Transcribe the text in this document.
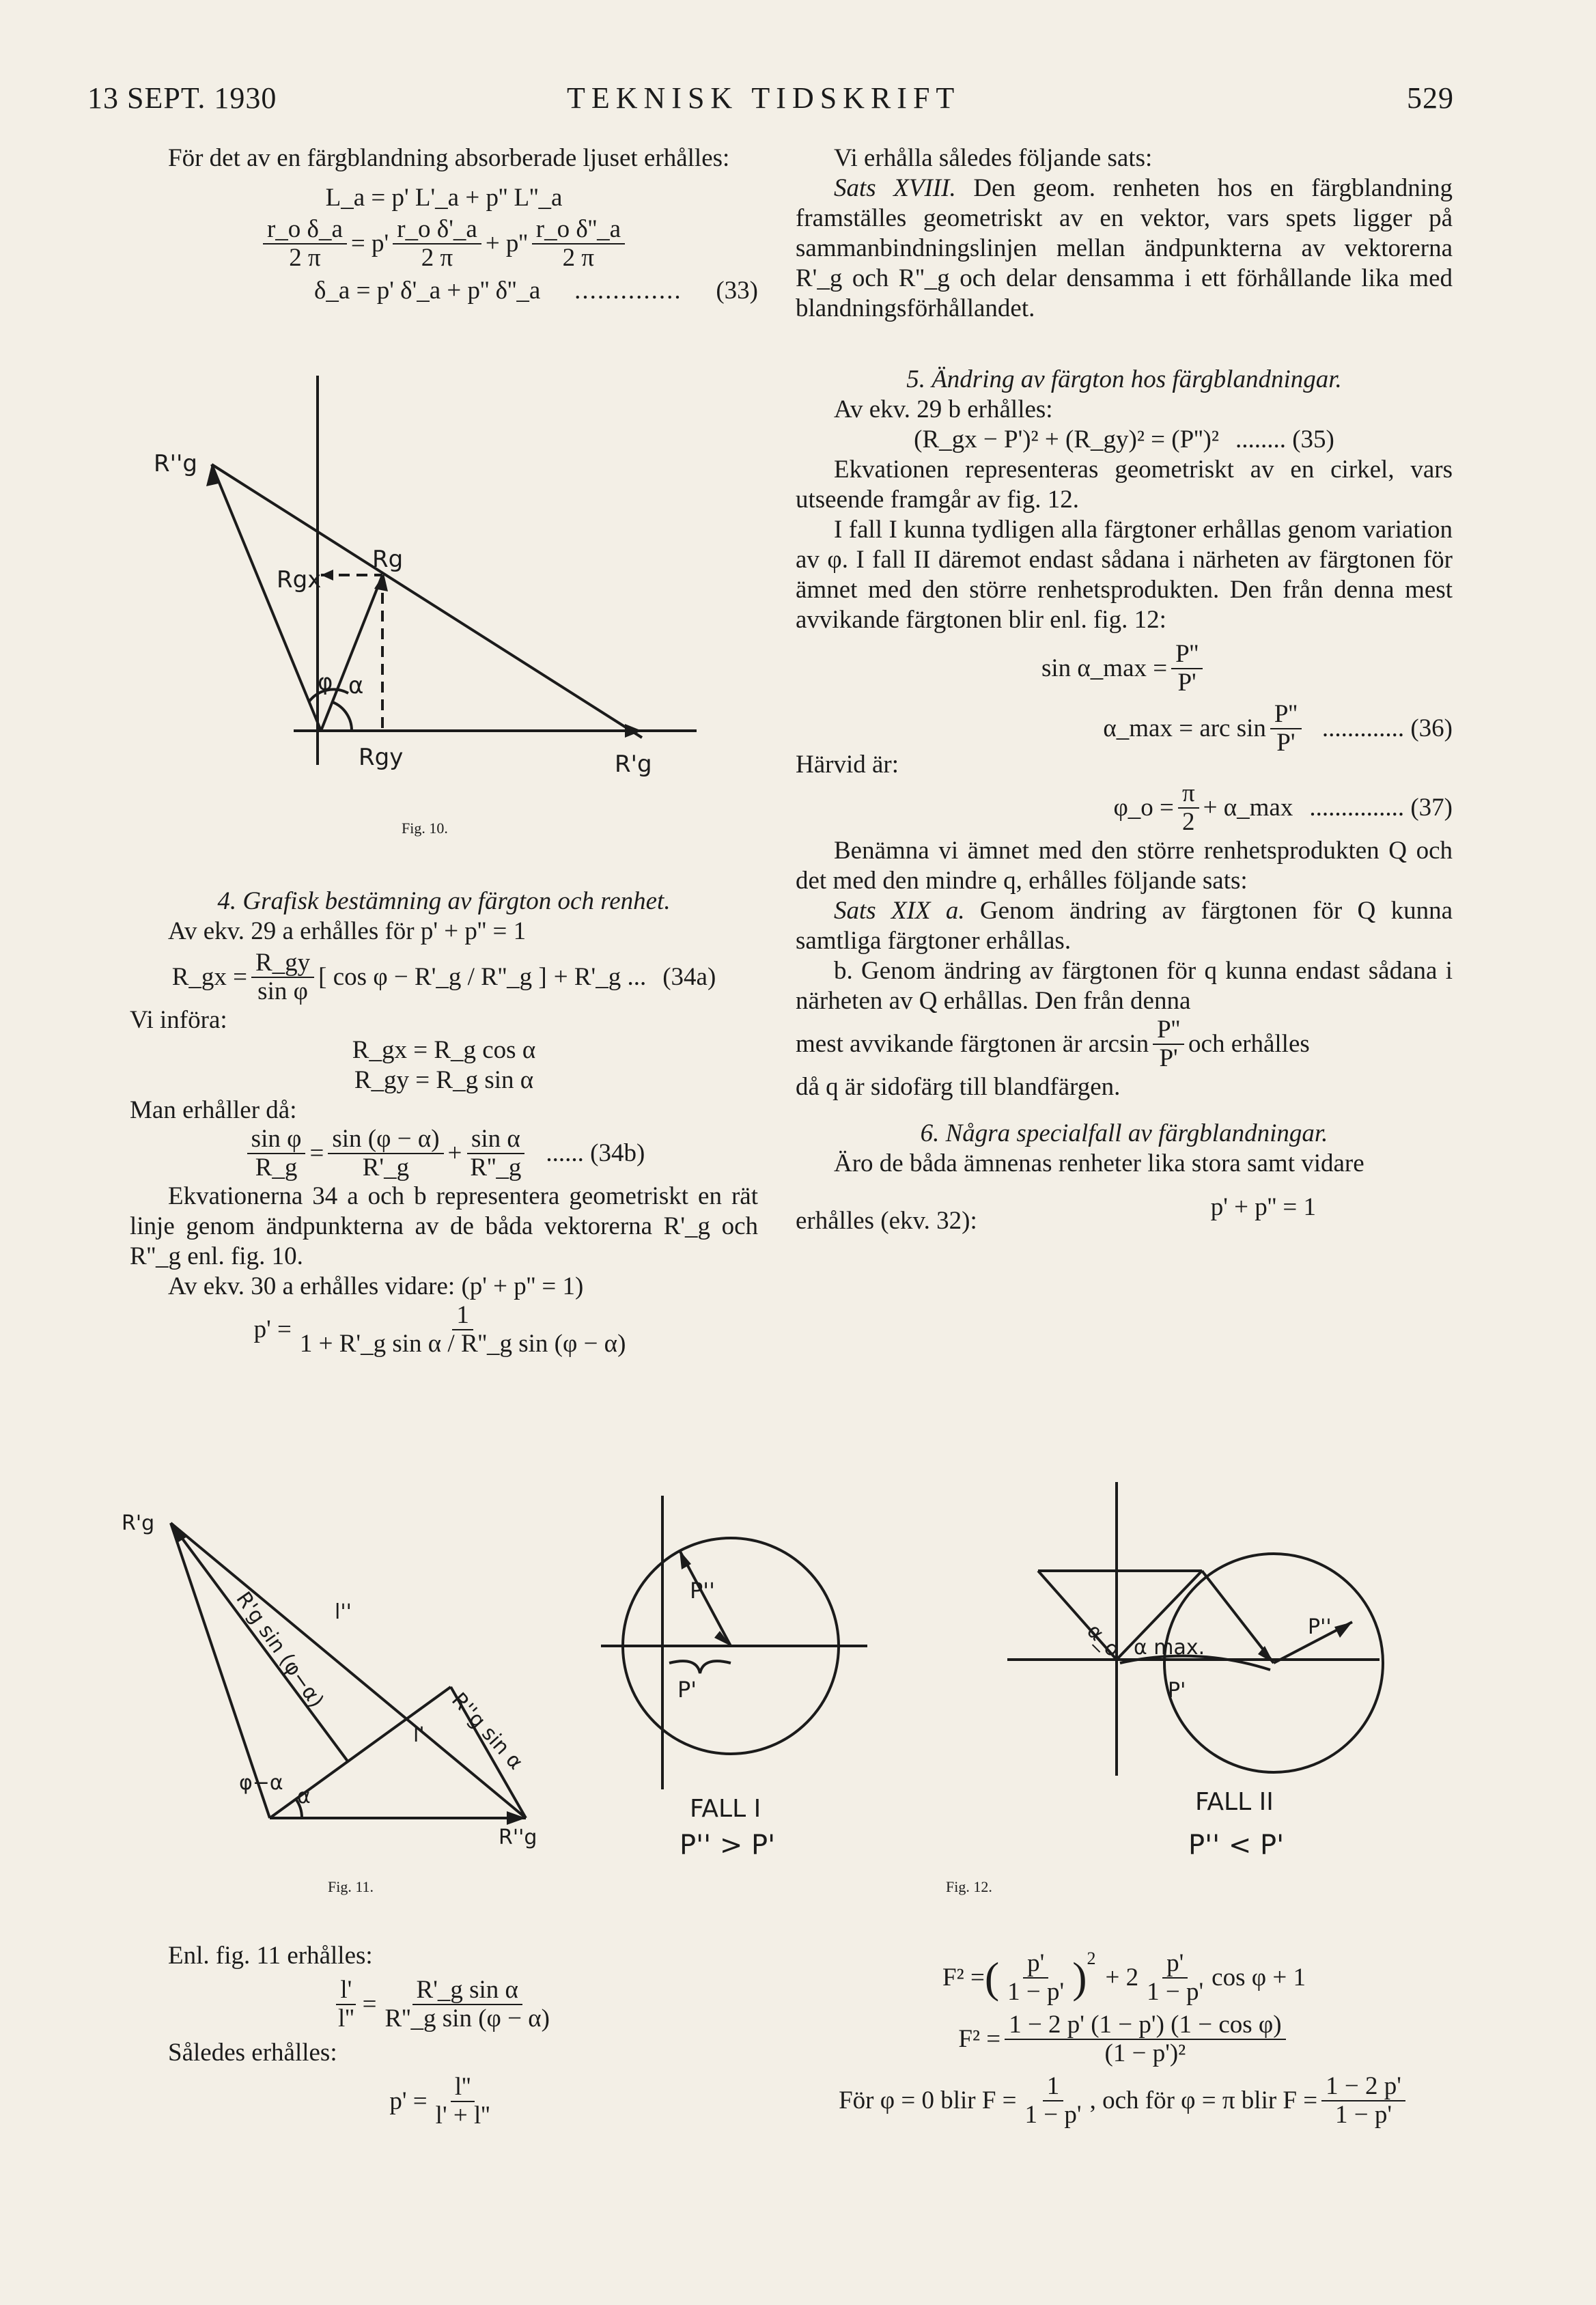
13 SEPT. 1930	TEKNISK TIDSKRIFT	529

För det av en färgblandning absorberade ljuset erhålles:

L_a = p' L'_a + p'' L''_a

$\frac{\text{r\_o δ\_a}}{2 \pi} = p' \frac{\text{r\_o δ'\_a}}{2 \pi} + p'' \frac{\text{r\_o δ''\_a}}{2 \pi}$
δ_a = p' δ'_a + p'' δ''_a .............. (33)
R''g
Rgx
Rg
α
φ
Rgy	R'g
Fig. 10.

4. Grafisk bestämning av färgton och renhet.

Av ekv. 29 a erhålles för p' + p'' = 1

R_gx = $\frac{R\_gy}{\text{sin φ}}$ [ cos φ − R'_g / R''_g ] + R'_g ... (34a)

Vi införa:

R_gx = R_g cos α

R_gy = R_g sin α

Man erhåller då:

$\frac{\text{sin φ}}{R\_g} = \frac{\sin (\varphi - \alpha)}{R'\_g} + \frac{\text{sin α}}{R''\_g}$ ...... (34b)

Ekvationerna 34 a och b representera geometriskt en rät linje genom ändpunkterna av de båda vektorerna R'_g och R''_g enl. fig. 10.

Av ekv. 30 a erhålles vidare: (p' + p'' = 1)

$p' = \frac{1}{\text{1 + R'\_g sin α / R''\_g sin (φ − α)}}$

Vi erhålla således följande sats:

Sats XVIII. Den geom. renheten hos en färgblandning framställes geometriskt av en vektor, vars spets ligger på sammanbindningslinjen mellan ändpunkterna av vektorerna R'_g och R''_g och delar densamma i ett förhållande lika med blandningsförhållandet.

5. Ändring av färgton hos färgblandningar.

Av ekv. 29 b erhålles:

(R_gx − P')² + (R_gy)² = (P'')² ........ (35)

Ekvationen representeras geometriskt av en cirkel, vars utseende framgår av fig. 12.

I fall I kunna tydligen alla färgtoner erhållas genom variation av φ. I fall II däremot endast sådana i närheten av färgtonen för ämnet med den större renhetsprodukten. Den från denna mest avvikande färgtonen blir enl. fig. 12:

sin α_max = $\frac{P''}{P'}$
α_max = arc $\sin \frac{P''}{P'}$ ............. (36)

Härvid är:

φ_o = $\frac{\pi}{2}$ + α_max ............... (37)

Benämna vi ämnet med den större renhetsprodukten Q och det med den mindre q, erhålles följande sats:

Sats XIX a. Genom ändring av färgtonen för Q kunna samtliga färgtoner erhållas.

b. Genom ändring av färgtonen för q kunna endast sådana i närheten av Q erhållas. Den från denna

mest avvikande färgtonen är $\arcsin \frac{P''}{P'}$ och erhålles

då q är sidofärg till blandfärgen.

6. Några specialfall av färgblandningar.

Äro de båda ämnenas renheter lika stora samt vidare

erhålles (ekv. 32):	p' + p'' = 1
R'g
R''g
l''
R'g sin (φ−α)
R''g sin α
l'
φ−α
α
Fig. 11.
P''
P'
FALL I
P'' > P'
α_o α max.
P''
P'
FALL II
P'' < P'
Fig. 12.

Enl. fig. 11 erhålles:

$\frac{l'}{l''} = \frac{\text{R'\_g sin α}}{\text{R''\_g sin (φ − α)}}$

Således erhålles:

$p' = \frac{l''}{l' + l''}$
F² = ( $\frac{p'}{1 - p'}$ ) 2
+ $2 \frac{p'}{1 - p'}$ cos φ + 1
$F^2 = \frac{\text{1 − 2 p' (1 − p') (1 − cos φ)}}{\text{(1 − p')²}}$
För φ = 0 blir $F = \frac{1}{1 - p'}$ , och för φ = π blir $F = \frac{1 - 2 p'}{1 - p'}$
